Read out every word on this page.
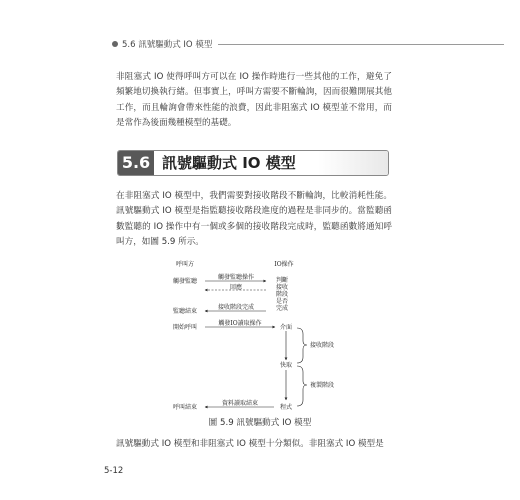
5.6 訊號驅動式 IO 模型
非阻塞式 IO 使得呼叫方可以在 IO 操作時進行一些其他的工作，避免了頻繁地切換執行緒。但事實上，呼叫方需要不斷輪詢，因而很難開展其他工作，而且輪詢會帶來性能的浪費，因此非阻塞式 IO 模型並不常用，而是常作為後面幾種模型的基礎。
5.6 訊號驅動式 IO 模型
在非阻塞式 IO 模型中，我們需要對接收階段不斷輪詢，比較消耗性能。訊號驅動式 IO 模型是指監聽接收階段進度的過程是非同步的。當監聽函數監聽的 IO 操作中有一個或多個的接收階段完成時，監聽函數將通知呼叫方，如圖 5.9 所示。
呼叫方	IO操作
觸發監聽
監聽結束
開始呼叫
呼叫結束
觸發監聽操作
回應
接收階段完成
觸發IO讀取操作
資料讀取結束
判斷
接收
階段
是否
完成
介面
快取
程式
接收階段
複製階段
圖 5.9 訊號驅動式 IO 模型
訊號驅動式 IO 模型和非阻塞式 IO 模型十分類似。非阻塞式 IO 模型是
5-12
